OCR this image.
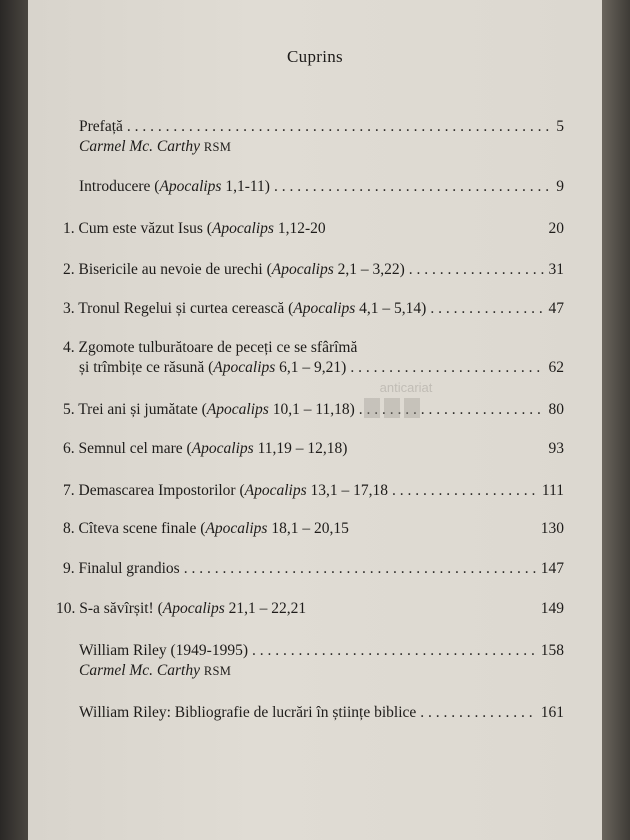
Cuprins
Prefață . . .	5
Carmel Mc. Carthy RSM
Introducere (Apocalips 1,1-11) . . .	9
1. Cum este văzut Isus (Apocalips 1,12-20	20
2. Bisericile au nevoie de urechi (Apocalips 2,1 – 3,22) . . .	31
3. Tronul Regelui și curtea cerească (Apocalips 4,1 – 5,14) . . .	47
4. Zgomote tulburătoare de peceți ce se sfârîmă
și trîmbițe ce răsună (Apocalips 6,1 – 9,21) . . .	62
5. Trei ani și jumătate (Apocalips 10,1 – 11,18) . . .	80
6. Semnul cel mare (Apocalips 11,19 – 12,18)	93
7. Demascarea Impostorilor (Apocalips 13,1 – 17,18 . . .	111
8. Cîteva scene finale (Apocalips 18,1 – 20,15	130
9. Finalul grandios . . .	147
10. S-a săvîrșit! (Apocalips 21,1 – 22,21	149
William Riley (1949-1995) . . .	158
Carmel Mc. Carthy RSM
William Riley: Bibliografie de lucrări în științe biblice . . .	161
anticariat
